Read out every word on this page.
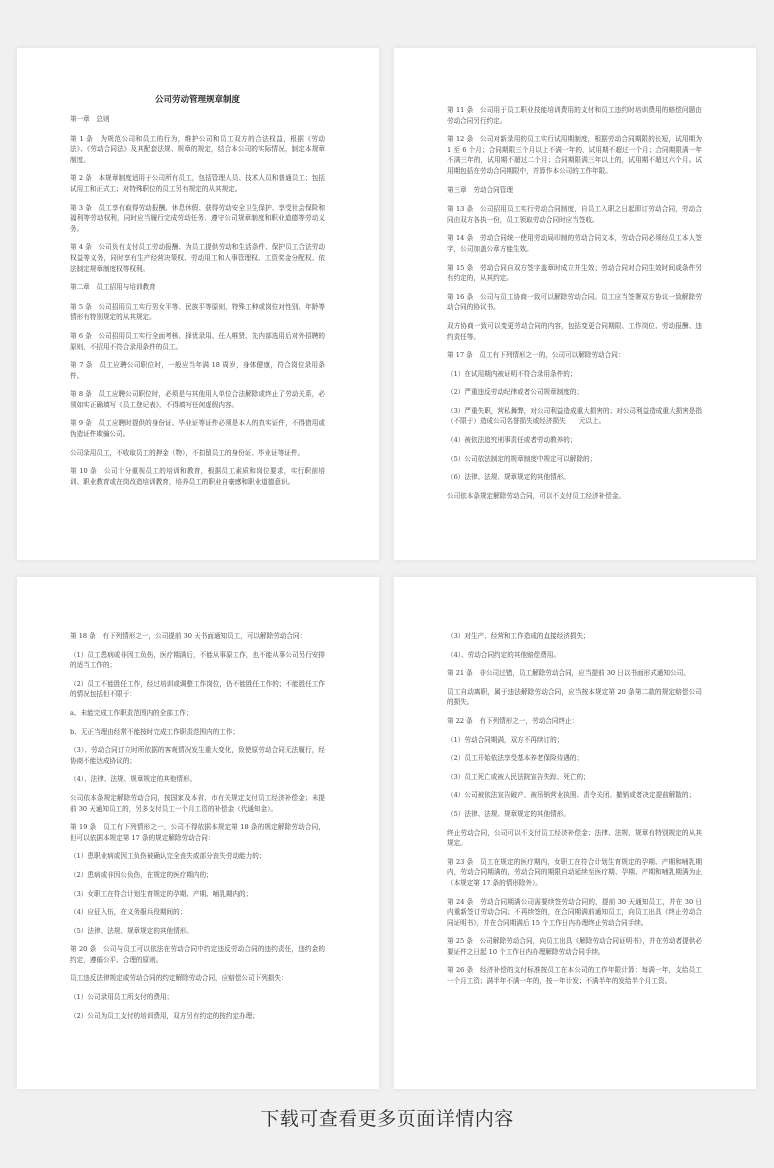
公司劳动管理规章制度
第一章　总则
第 1 条　为规范公司和员工的行为，维护公司和员工双方的合法权益，根据《劳动法》、《劳动合同法》及其配套法规、规章的规定，结合本公司的实际情况，制定本规章制度。
第 2 条　本规章制度适用于公司所有员工，包括管理人员、技术人员和普通员工；包括试用工和正式工；对特殊职位的员工另有规定的从其规定。
第 3 条　员工享有取得劳动报酬、休息休假、获得劳动安全卫生保护、享受社会保险和福利等劳动权利，同时应当履行完成劳动任务、遵守公司规章制度和职业道德等劳动义务。
第 4 条　公司负有支付员工劳动报酬、为员工提供劳动和生活条件、保护员工合法劳动权益等义务，同时享有生产经营决策权、劳动用工和人事管理权、工资奖金分配权、依法制定规章制度权等权利。
第二章　员工招用与培训教育
第 5 条　公司招用员工实行男女平等、民族平等原则，特殊工种或岗位对性别、年龄等情形有特别规定的从其规定。
第 6 条　公司招用员工实行全面考核、择优录用、任人唯贤、先内部选用后对外招聘的原则，不招用不符合录用条件的员工。
第 7 条　员工应聘公司职位时，一般应当年满 18 周岁，身体健康，符合岗位录用条件。
第 8 条　员工应聘公司职位时，必须是与其他用人单位合法解除或终止了劳动关系，必须如实正确填写《员工登记表》，不得填写任何虚假内容。
第 9 条　员工应聘时提供的身份证、毕业证等证件必须是本人的真实证件，不得借用或伪造证件欺骗公司。
公司录用员工，不收取员工的押金（物），不扣留员工的身份证、毕业证等证件。
第 10 条　公司十分重视员工的培训和教育，根据员工素质和岗位要求，实行职前培训、职业教育或在岗改造培训教育，培养员工的职业自豪感和职业道德意识。
第 11 条　公司用于员工职业技能培训费用的支付和员工违约时培训费用的赔偿问题由劳动合同另行约定。
第 12 条　公司对新录用的员工实行试用期制度，根据劳动合同期限的长短，试用期为 1 至 6 个月；合同期限三个月以上不满一年的，试用期不超过一个月；合同期限满一年不满三年的，试用期不超过二个月；合同期限满三年以上的，试用期不超过六个月。试用期包括在劳动合同期限中，并算作本公司的工作年限。
第三章　劳动合同管理
第 13 条　公司招用员工实行劳动合同制度，自员工入职之日起即订劳动合同，劳动合同由双方各执一份，员工领取劳动合同时应当签收。
第 14 条　劳动合同统一使用劳动局印制的劳动合同文本，劳动合同必须经员工本人签字，公司加盖公章方能生效。
第 15 条　劳动合同自双方签字盖章时成立并生效；劳动合同对合同生效时间或条件另有约定的，从其约定。
第 16 条　公司与员工协商一致可以解除劳动合同。员工应当签署双方协议一致解除劳动合同的协议书。
双方协商一致可以变更劳动合同的内容，包括变更合同期限、工作岗位、劳动报酬、违约责任等。
第 17 条　员工有下列情形之一的，公司可以解除劳动合同：
（1）在试用期内被证明不符合录用条件的；
（2）严重违反劳动纪律或者公司规章制度的；
（3）严重失职，营私舞弊，对公司利益造成重大损害的；对公司利益造成重大损害是指（不限于）造成公司名誉损失或经济损失　　元以上。
（4）被依法追究刑事责任或者劳动教养的；
（5）公司依法制定的规章制度中规定可以解除的；
（6）法律、法规、规章规定的其他情形。
公司依本条规定解除劳动合同，可以不支付员工经济补偿金。
第 18 条　有下列情形之一，公司提前 30 天书面通知员工，可以解除劳动合同：
（1）员工患病或非因工负伤，医疗期满后，不能从事原工作，也不能从事公司另行安排的适当工作的；
（2）员工不能胜任工作，经过培训或调整工作岗位，仍不能胜任工作的；不能胜任工作的情况包括但不限于：
a、未能完成工作职责范围内的全部工作；
b、无正当理由经常不能按时完成工作职责范围内的工作；
（3）、劳动合同订立时所依据的客观情况发生重大变化，致使原劳动合同无法履行，经协商不能达成协议的；
（4）、法律、法规、规章规定的其他情形。
公司依本条规定解除劳动合同，按国家及本省、市有关规定支付员工经济补偿金；未提前 30 天通知员工的，另多支付员工一个月工资的补偿金（代通知金）。
第 19 条　员工有下列情形之一，公司不得依据本规定第 18 条的规定解除劳动合同，但可以依据本规定第 17 条的规定解除劳动合同：
（1）患职业病或因工负伤被确认完全丧失或部分丧失劳动能力的；
（2）患病或非因公负伤，在规定的医疗期内的；
（3）女职工在符合计划生育规定的孕期、产期、哺乳期内的；
（4）应征入伍，在义务服兵役期间的；
（5）法律、法规、规章规定的其他情形。
第 20 条　公司与员工可以依法在劳动合同中约定违反劳动合同的违约责任，违约金的约定，遵循公平、合理的原则。
员工违反法律规定或劳动合同的约定解除劳动合同，应赔偿公司下列损失：
（1）公司录用员工所支付的费用；
（2）公司为员工支付的培训费用，双方另有约定的按约定办理；
（3）对生产、经营和工作造成的直接经济损失；
（4）、劳动合同约定的其他赔偿费用。
第 21 条　非公司过错，员工解除劳动合同，应当提前 30 日以书面形式通知公司。
员工自动离职，属于违法解除劳动合同，应当按本规定第 20 条第二款的规定赔偿公司的损失。
第 22 条　有下列情形之一，劳动合同终止：
（1）劳动合同期满，双方不再续订的；
（2）员工开始依法享受基本养老保险待遇的；
（3）员工死亡或被人民法院宣告失踪、死亡的；
（4）公司被依法宣告破产、被吊销营业执照、责令关闭、撤销或者决定提前解散的；
（5）法律、法规、规章规定的其他情形。
终止劳动合同，公司可以不支付员工经济补偿金；法律、法规、规章有特别规定的从其规定。
第 23 条　员工在规定的医疗期内，女职工在符合计划生育规定的孕期、产期和哺乳期内，劳动合同期满的，劳动合同的期限自动延续至医疗期、孕期、产期和哺乳期满为止（本规定第 17 条的情形除外）。
第 24 条　劳动合同期满公司需要续签劳动合同的，提前 30 天通知员工，并在 30 日内重新签订劳动合同；不再续签的，在合同期满前通知员工，向员工出具《终止劳动合同证明书》，并在合同期满后 15 个工作日内办理终止劳动合同手续。
第 25 条　公司解除劳动合同，向员工出具《解除劳动合同证明书》，并在劳动者提供必要证件之日起 10 个工作日内办理解除劳动合同手续。
第 26 条　经济补偿的支付标准按员工在本公司的工作年限计算：每满一年，支给员工一个月工资；满半年不满一年的，按一年计发；不满半年的发给半个月工资。
下载可查看更多页面详情内容
